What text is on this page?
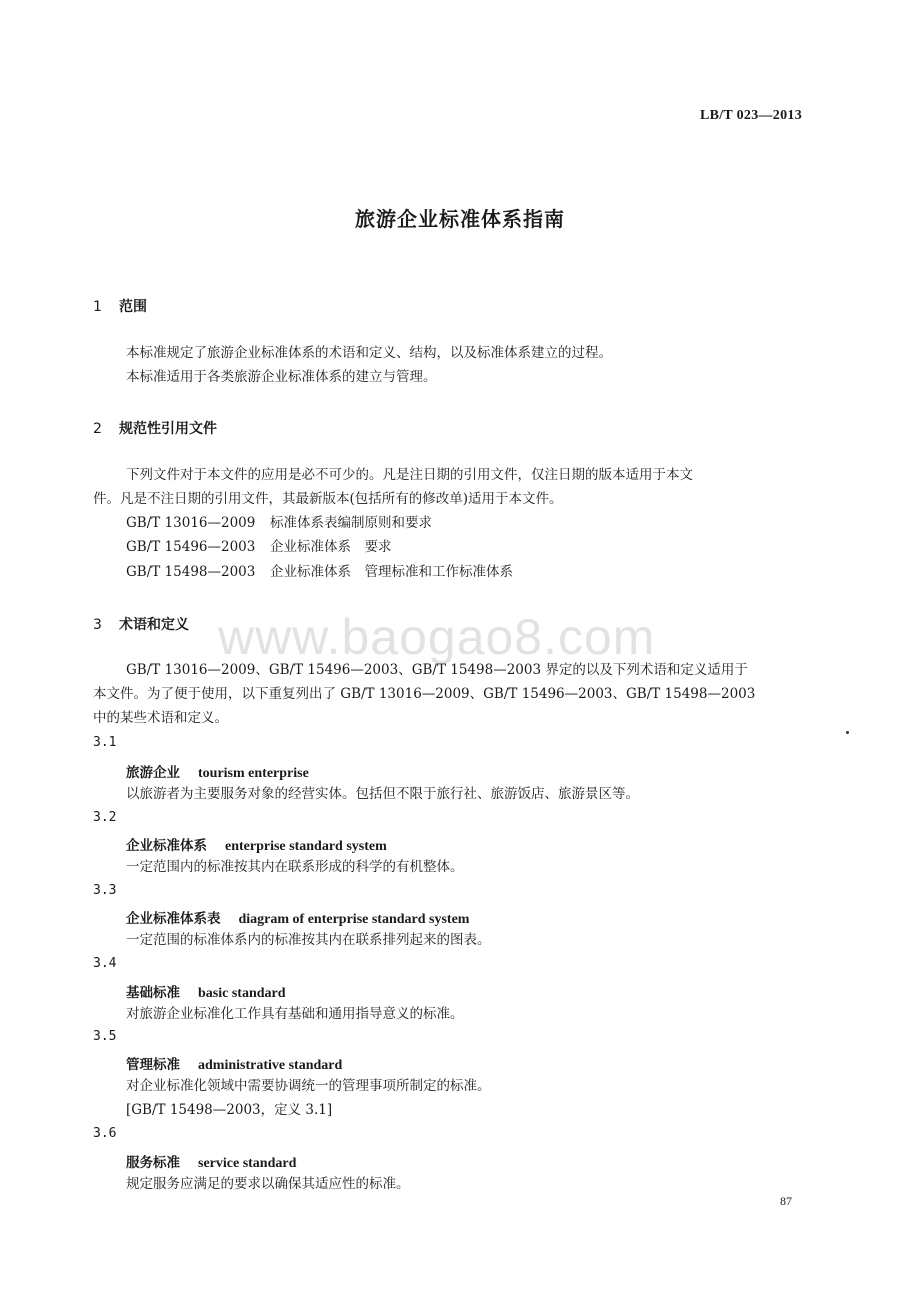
LB/T 023—2013
旅游企业标准体系指南
1 范围
本标准规定了旅游企业标准体系的术语和定义、结构，以及标准体系建立的过程。
本标准适用于各类旅游企业标准体系的建立与管理。
2 规范性引用文件
下列文件对于本文件的应用是必不可少的。凡是注日期的引用文件，仅注日期的版本适用于本文
件。凡是不注日期的引用文件，其最新版本(包括所有的修改单)适用于本文件。
GB/T 13016—2009 标准体系表编制原则和要求
GB/T 15496—2003 企业标准体系　要求
GB/T 15498—2003 企业标准体系　管理标准和工作标准体系
3 术语和定义
GB/T 13016—2009、GB/T 15496—2003、GB/T 15498—2003 界定的以及下列术语和定义适用于
本文件。为了便于使用，以下重复列出了 GB/T 13016—2009、GB/T 15496—2003、GB/T 15498—2003
中的某些术语和定义。
3.1
旅游企业 tourism enterprise
以旅游者为主要服务对象的经营实体。包括但不限于旅行社、旅游饭店、旅游景区等。
3.2
企业标准体系 enterprise standard system
一定范围内的标准按其内在联系形成的科学的有机整体。
3.3
企业标准体系表 diagram of enterprise standard system
一定范围的标准体系内的标准按其内在联系排列起来的图表。
3.4
基础标准 basic standard
对旅游企业标准化工作具有基础和通用指导意义的标准。
3.5
管理标准 administrative standard
对企业标准化领域中需要协调统一的管理事项所制定的标准。
[GB/T 15498—2003，定义 3.1]
3.6
服务标准 service standard
规定服务应满足的要求以确保其适应性的标准。
www.baogao8.com
87
